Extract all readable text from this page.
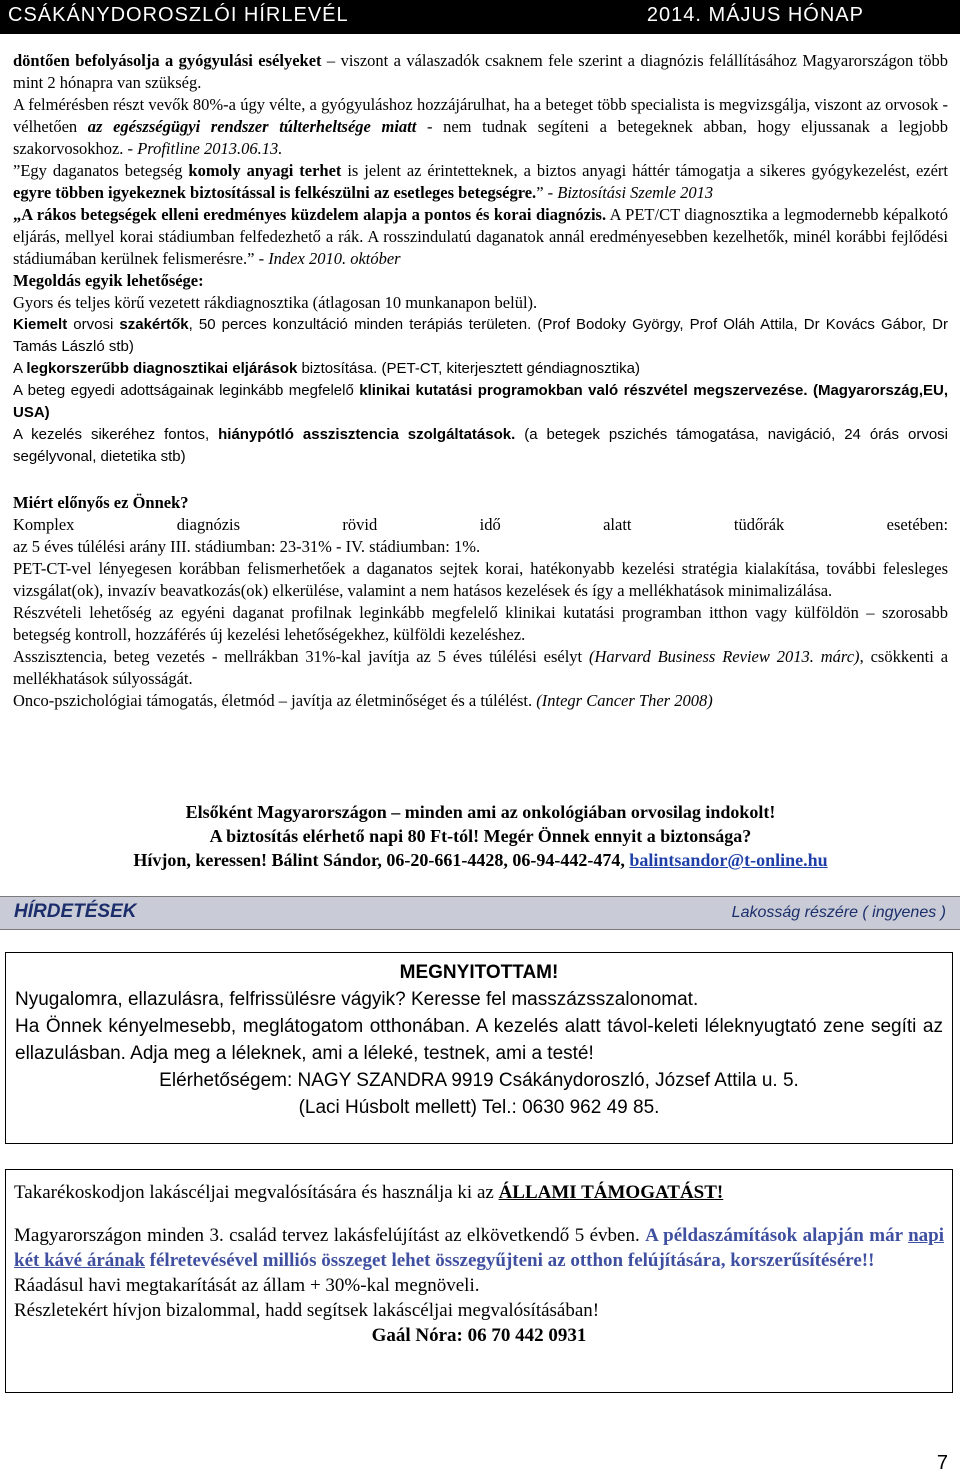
CSÁKÁNYDOROSZLÓI HÍRLEVÉL	2014. MÁJUS HÓNAP

döntően befolyásolja a gyógyulási esélyeket – viszont a válaszadók csaknem fele szerint a diagnózis felállításához Magyarországon több mint 2 hónapra van szükség.

A felmérésben részt vevők 80%-a úgy vélte, a gyógyuláshoz hozzájárulhat, ha a beteget több specialista is megvizsgálja, viszont az orvosok - vélhetően az egészségügyi rendszer túlterheltsége miatt - nem tudnak segíteni a betegeknek abban, hogy eljussanak a legjobb szakorvosokhoz. - Profitline 2013.06.13.

”Egy daganatos betegség komoly anyagi terhet is jelent az érintetteknek, a biztos anyagi háttér támogatja a sikeres gyógykezelést, ezért egyre többen igyekeznek biztosítással is felkészülni az esetleges betegségre.” - Biztosítási Szemle 2013

„A rákos betegségek elleni eredményes küzdelem alapja a pontos és korai diagnózis. A PET/CT diagnosztika a legmodernebb képalkotó eljárás, mellyel korai stádiumban felfedezhető a rák. A rosszindulatú daganatok annál eredményesebben kezelhetők, minél korábbi fejlődési stádiumában kerülnek felismerésre.” - Index 2010. október

Megoldás egyik lehetősége:

Gyors és teljes körű vezetett rákdiagnosztika (átlagosan 10 munkanapon belül).

Kiemelt orvosi szakértők, 50 perces konzultáció minden terápiás területen. (Prof Bodoky György, Prof Oláh Attila, Dr Kovács Gábor, Dr Tamás László stb)

A legkorszerűbb diagnosztikai eljárások biztosítása. (PET-CT, kiterjesztett géndiagnosztika)

A beteg egyedi adottságainak leginkább megfelelő klinikai kutatási programokban való részvétel megszervezése. (Magyarország,EU, USA)

A kezelés sikeréhez fontos, hiánypótló asszisztencia szolgáltatások. (a betegek pszichés támogatása, navigáció, 24 órás orvosi segélyvonal, dietetika stb)

Miért előnyős ez Önnek?

Komplex	diagnózis	rövid	idő	alatt	tüdőrák	esetében:

az 5 éves túlélési arány III. stádiumban: 23-31% - IV. stádiumban: 1%.

PET-CT-vel lényegesen korábban felismerhetőek a daganatos sejtek korai, hatékonyabb kezelési stratégia kialakítása, további felesleges vizsgálat(ok), invazív beavatkozás(ok) elkerülése, valamint a nem hatásos kezelések és így a mellékhatások minimalizálása.

Részvételi lehetőség az egyéni daganat profilnak leginkább megfelelő klinikai kutatási programban itthon vagy külföldön – szorosabb betegség kontroll, hozzáférés új kezelési lehetőségekhez, külföldi kezeléshez.

Asszisztencia, beteg vezetés - mellrákban 31%-kal javítja az 5 éves túlélési esélyt (Harvard Business Review 2013. márc), csökkenti a mellékhatások súlyosságát.

Onco-pszichológiai támogatás, életmód – javítja az életminőséget és a túlélést. (Integr Cancer Ther 2008)

Elsőként Magyarországon – minden ami az onkológiában orvosilag indokolt!
A biztosítás elérhető napi 80 Ft-tól! Megér Önnek ennyit a biztonsága?
Hívjon, keressen! Bálint Sándor, 06-20-661-4428, 06-94-442-474, balintsandor@t-online.hu
HÍRDETÉSEK	Lakosság részére ( ingyenes )

MEGNYITOTTAM!

Nyugalomra, ellazulásra, felfrissülésre vágyik? Keresse fel masszázsszalonomat.

Ha Önnek kényelmesebb, meglátogatom otthonában. A kezelés alatt távol-keleti léleknyugtató zene segíti az ellazulásban. Adja meg a léleknek, ami a léleké, testnek, ami a testé!

Elérhetőségem: NAGY SZANDRA 9919 Csákánydoroszló, József Attila u. 5.

(Laci Húsbolt mellett) Tel.: 0630 962 49 85.

Takarékoskodjon lakáscéljai megvalósítására és használja ki az ÁLLAMI TÁMOGATÁST!

Magyarországon minden 3. család tervez lakásfelújítást az elkövetkendő 5 évben. A példaszámítások alapján már napi két kávé árának félretevésével milliós összeget lehet összegyűjteni az otthon felújítására, korszerűsítésére!!

Ráadásul havi megtakarítását az állam + 30%-kal megnöveli.

Részletekért hívjon bizalommal, hadd segítsek lakáscéljai megvalósításában!

Gaál Nóra: 06 70 442 0931

7
